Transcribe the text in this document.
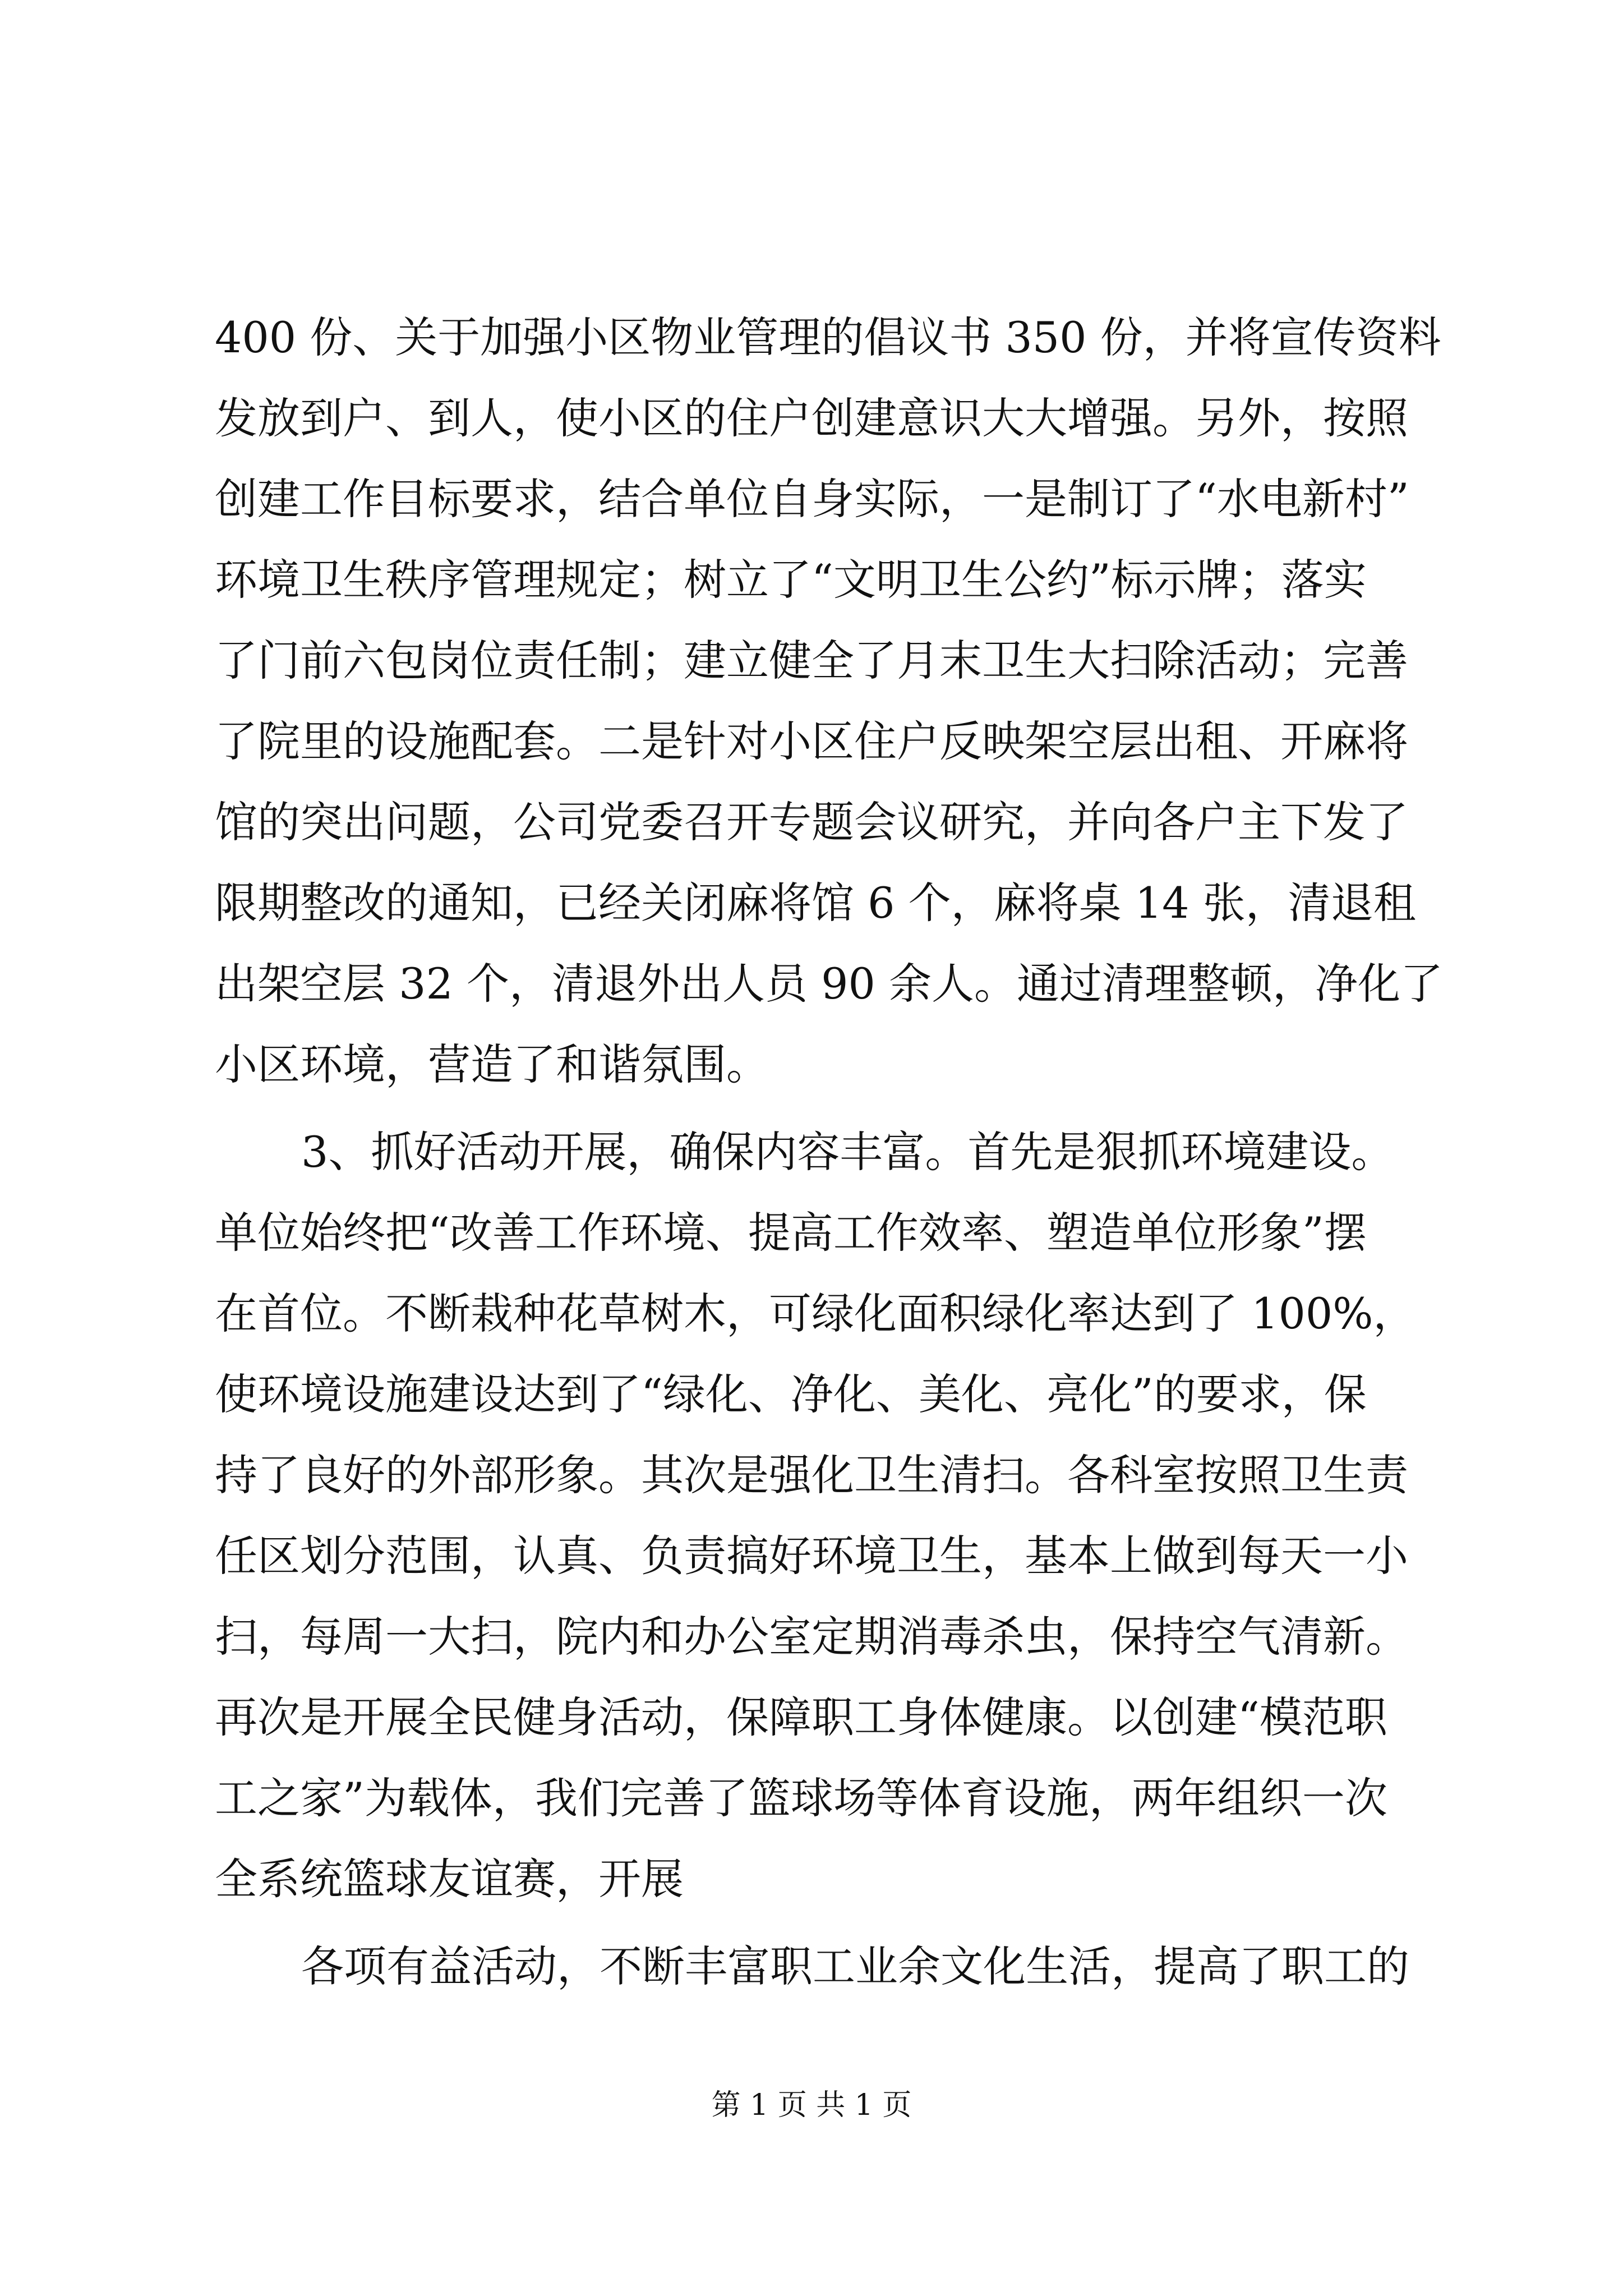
400 份、关于加强小区物业管理的倡议书 350 份，并将宣传资料
发放到户、到人，使小区的住户创建意识大大增强。另外，按照
创建工作目标要求，结合单位自身实际，一是制订了“水电新村”
环境卫生秩序管理规定；树立了“文明卫生公约”标示牌；落实
了门前六包岗位责任制；建立健全了月末卫生大扫除活动；完善
了院里的设施配套。二是针对小区住户反映架空层出租、开麻将
馆的突出问题，公司党委召开专题会议研究，并向各户主下发了
限期整改的通知，已经关闭麻将馆 6 个，麻将桌 14 张，清退租
出架空层 32 个，清退外出人员 90 余人。通过清理整顿，净化了
小区环境，营造了和谐氛围。
3、抓好活动开展，确保内容丰富。首先是狠抓环境建设。
单位始终把“改善工作环境、提高工作效率、塑造单位形象”摆
在首位。不断栽种花草树木，可绿化面积绿化率达到了 100%，
使环境设施建设达到了“绿化、净化、美化、亮化”的要求，保
持了良好的外部形象。其次是强化卫生清扫。各科室按照卫生责
任区划分范围，认真、负责搞好环境卫生，基本上做到每天一小
扫，每周一大扫，院内和办公室定期消毒杀虫，保持空气清新。
再次是开展全民健身活动，保障职工身体健康。以创建“模范职
工之家”为载体，我们完善了篮球场等体育设施，两年组织一次
全系统篮球友谊赛，开展
各项有益活动，不断丰富职工业余文化生活，提高了职工的
第 1 页 共 1 页
